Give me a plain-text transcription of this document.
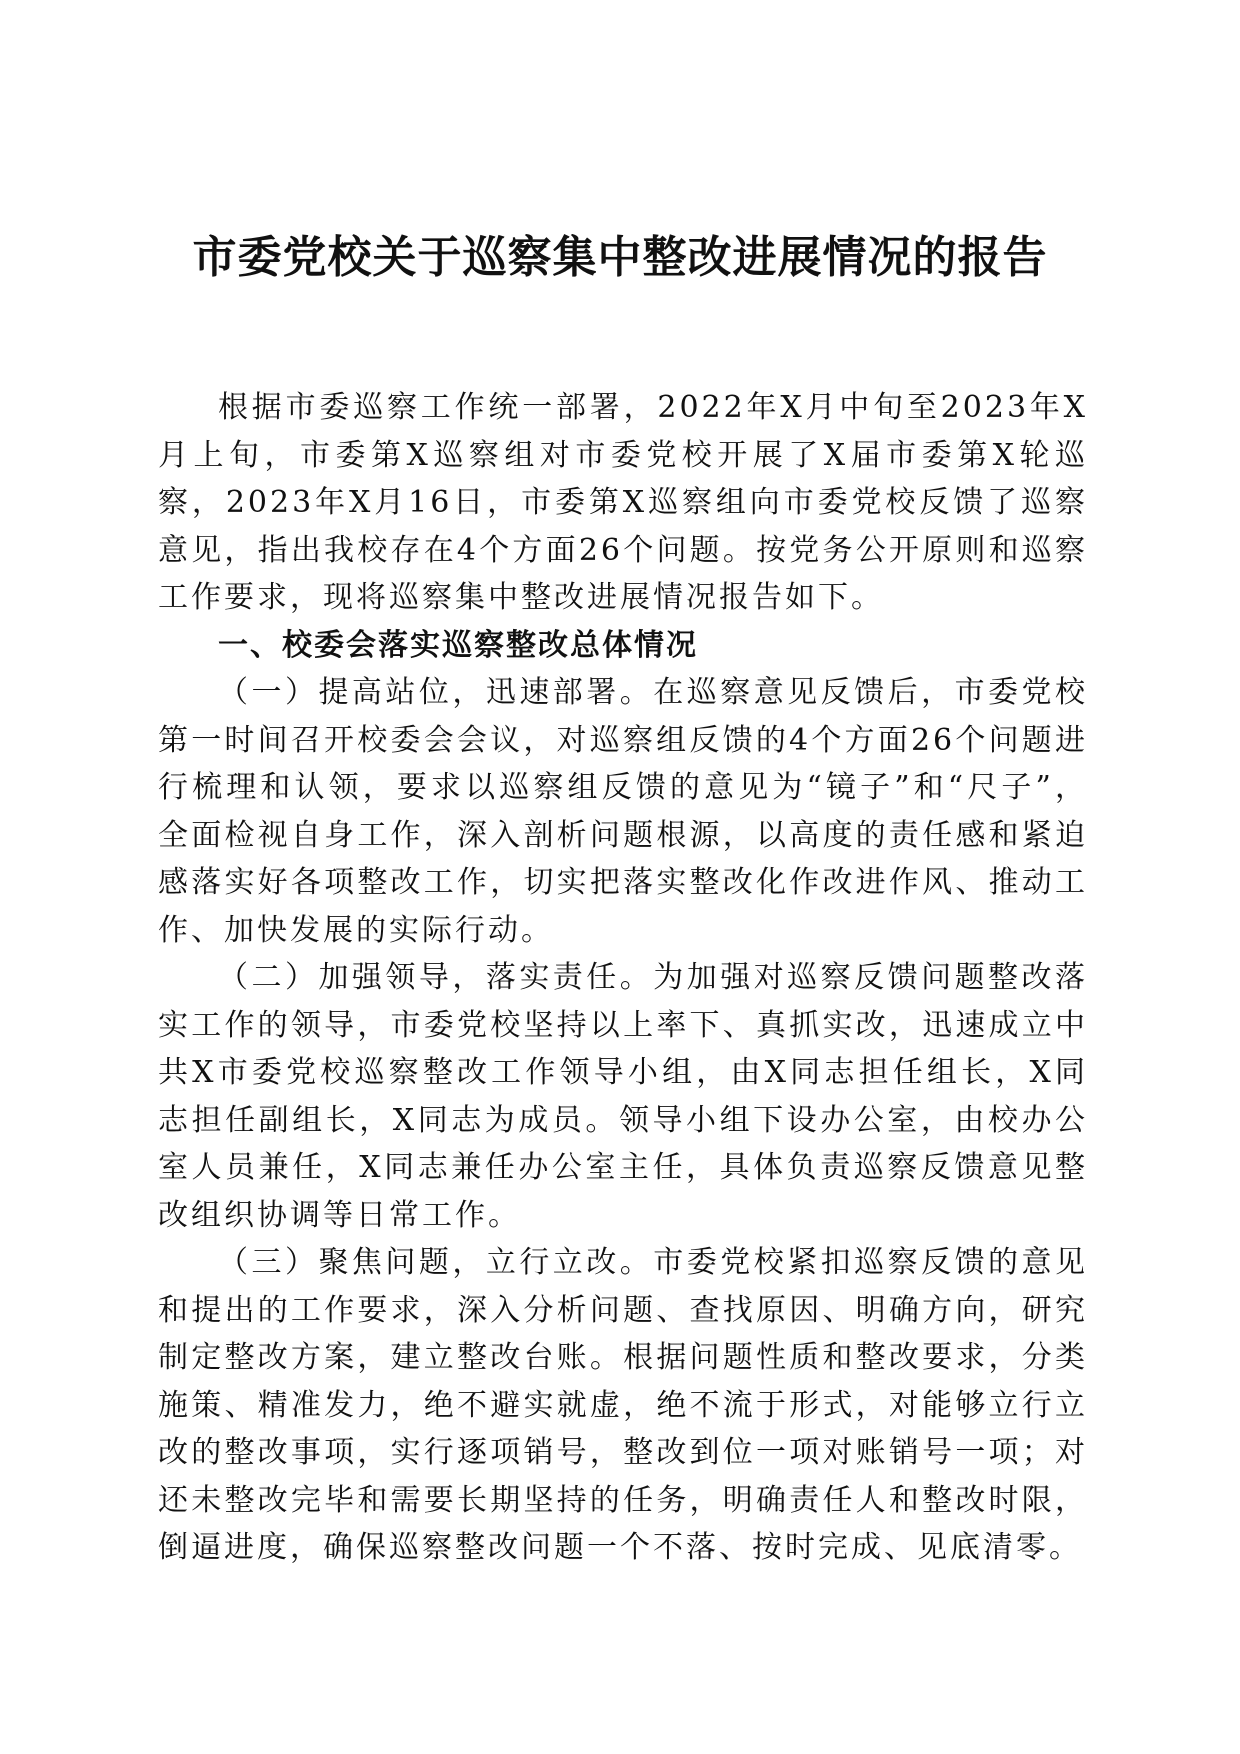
市委党校关于巡察集中整改进展情况的报告

根据市委巡察工作统一部署，2022年X月中旬至2023年X月上旬，市委第X巡察组对市委党校开展了X届市委第X轮巡察，2023年X月16日，市委第X巡察组向市委党校反馈了巡察意见，指出我校存在4个方面26个问题。按党务公开原则和巡察工作要求，现将巡察集中整改进展情况报告如下。

一、校委会落实巡察整改总体情况

（一）提高站位，迅速部署。在巡察意见反馈后，市委党校第一时间召开校委会会议，对巡察组反馈的4个方面26个问题进行梳理和认领，要求以巡察组反馈的意见为“镜子”和“尺子”，全面检视自身工作，深入剖析问题根源，以高度的责任感和紧迫感落实好各项整改工作，切实把落实整改化作改进作风、推动工作、加快发展的实际行动。

（二）加强领导，落实责任。为加强对巡察反馈问题整改落实工作的领导，市委党校坚持以上率下、真抓实改，迅速成立中共X市委党校巡察整改工作领导小组，由X同志担任组长，X同志担任副组长，X同志为成员。领导小组下设办公室，由校办公室人员兼任，X同志兼任办公室主任，具体负责巡察反馈意见整改组织协调等日常工作。

（三）聚焦问题，立行立改。市委党校紧扣巡察反馈的意见和提出的工作要求，深入分析问题、查找原因、明确方向，研究制定整改方案，建立整改台账。根据问题性质和整改要求，分类施策、精准发力，绝不避实就虚，绝不流于形式，对能够立行立改的整改事项，实行逐项销号，整改到位一项对账销号一项；对还未整改完毕和需要长期坚持的任务，明确责任人和整改时限，倒逼进度，确保巡察整改问题一个不落、按时完成、见底清零。
